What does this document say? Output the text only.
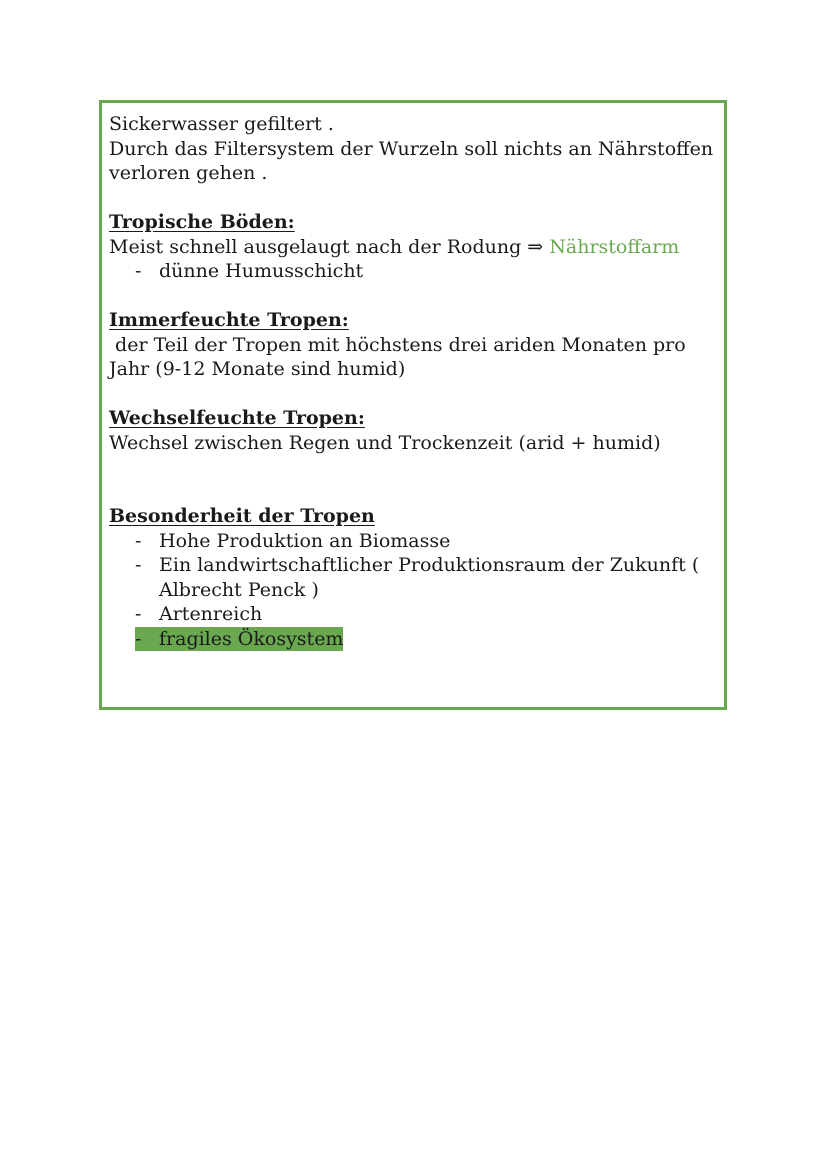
Sickerwasser gefiltert .
Durch das Filtersystem der Wurzeln soll nichts an Nährstoffen
verloren gehen .
Tropische Böden:
Meist schnell ausgelaugt nach der Rodung ⇒ Nährstoffarm
- dünne Humusschicht
Immerfeuchte Tropen:
der Teil der Tropen mit höchstens drei ariden Monaten pro
Jahr (9-12 Monate sind humid)
Wechselfeuchte Tropen:
Wechsel zwischen Regen und Trockenzeit (arid + humid)
Besonderheit der Tropen
- Hohe Produktion an Biomasse
- Ein landwirtschaftlicher Produktionsraum der Zukunft ( Albrecht Penck )
- Artenreich
- fragiles Ökosystem
